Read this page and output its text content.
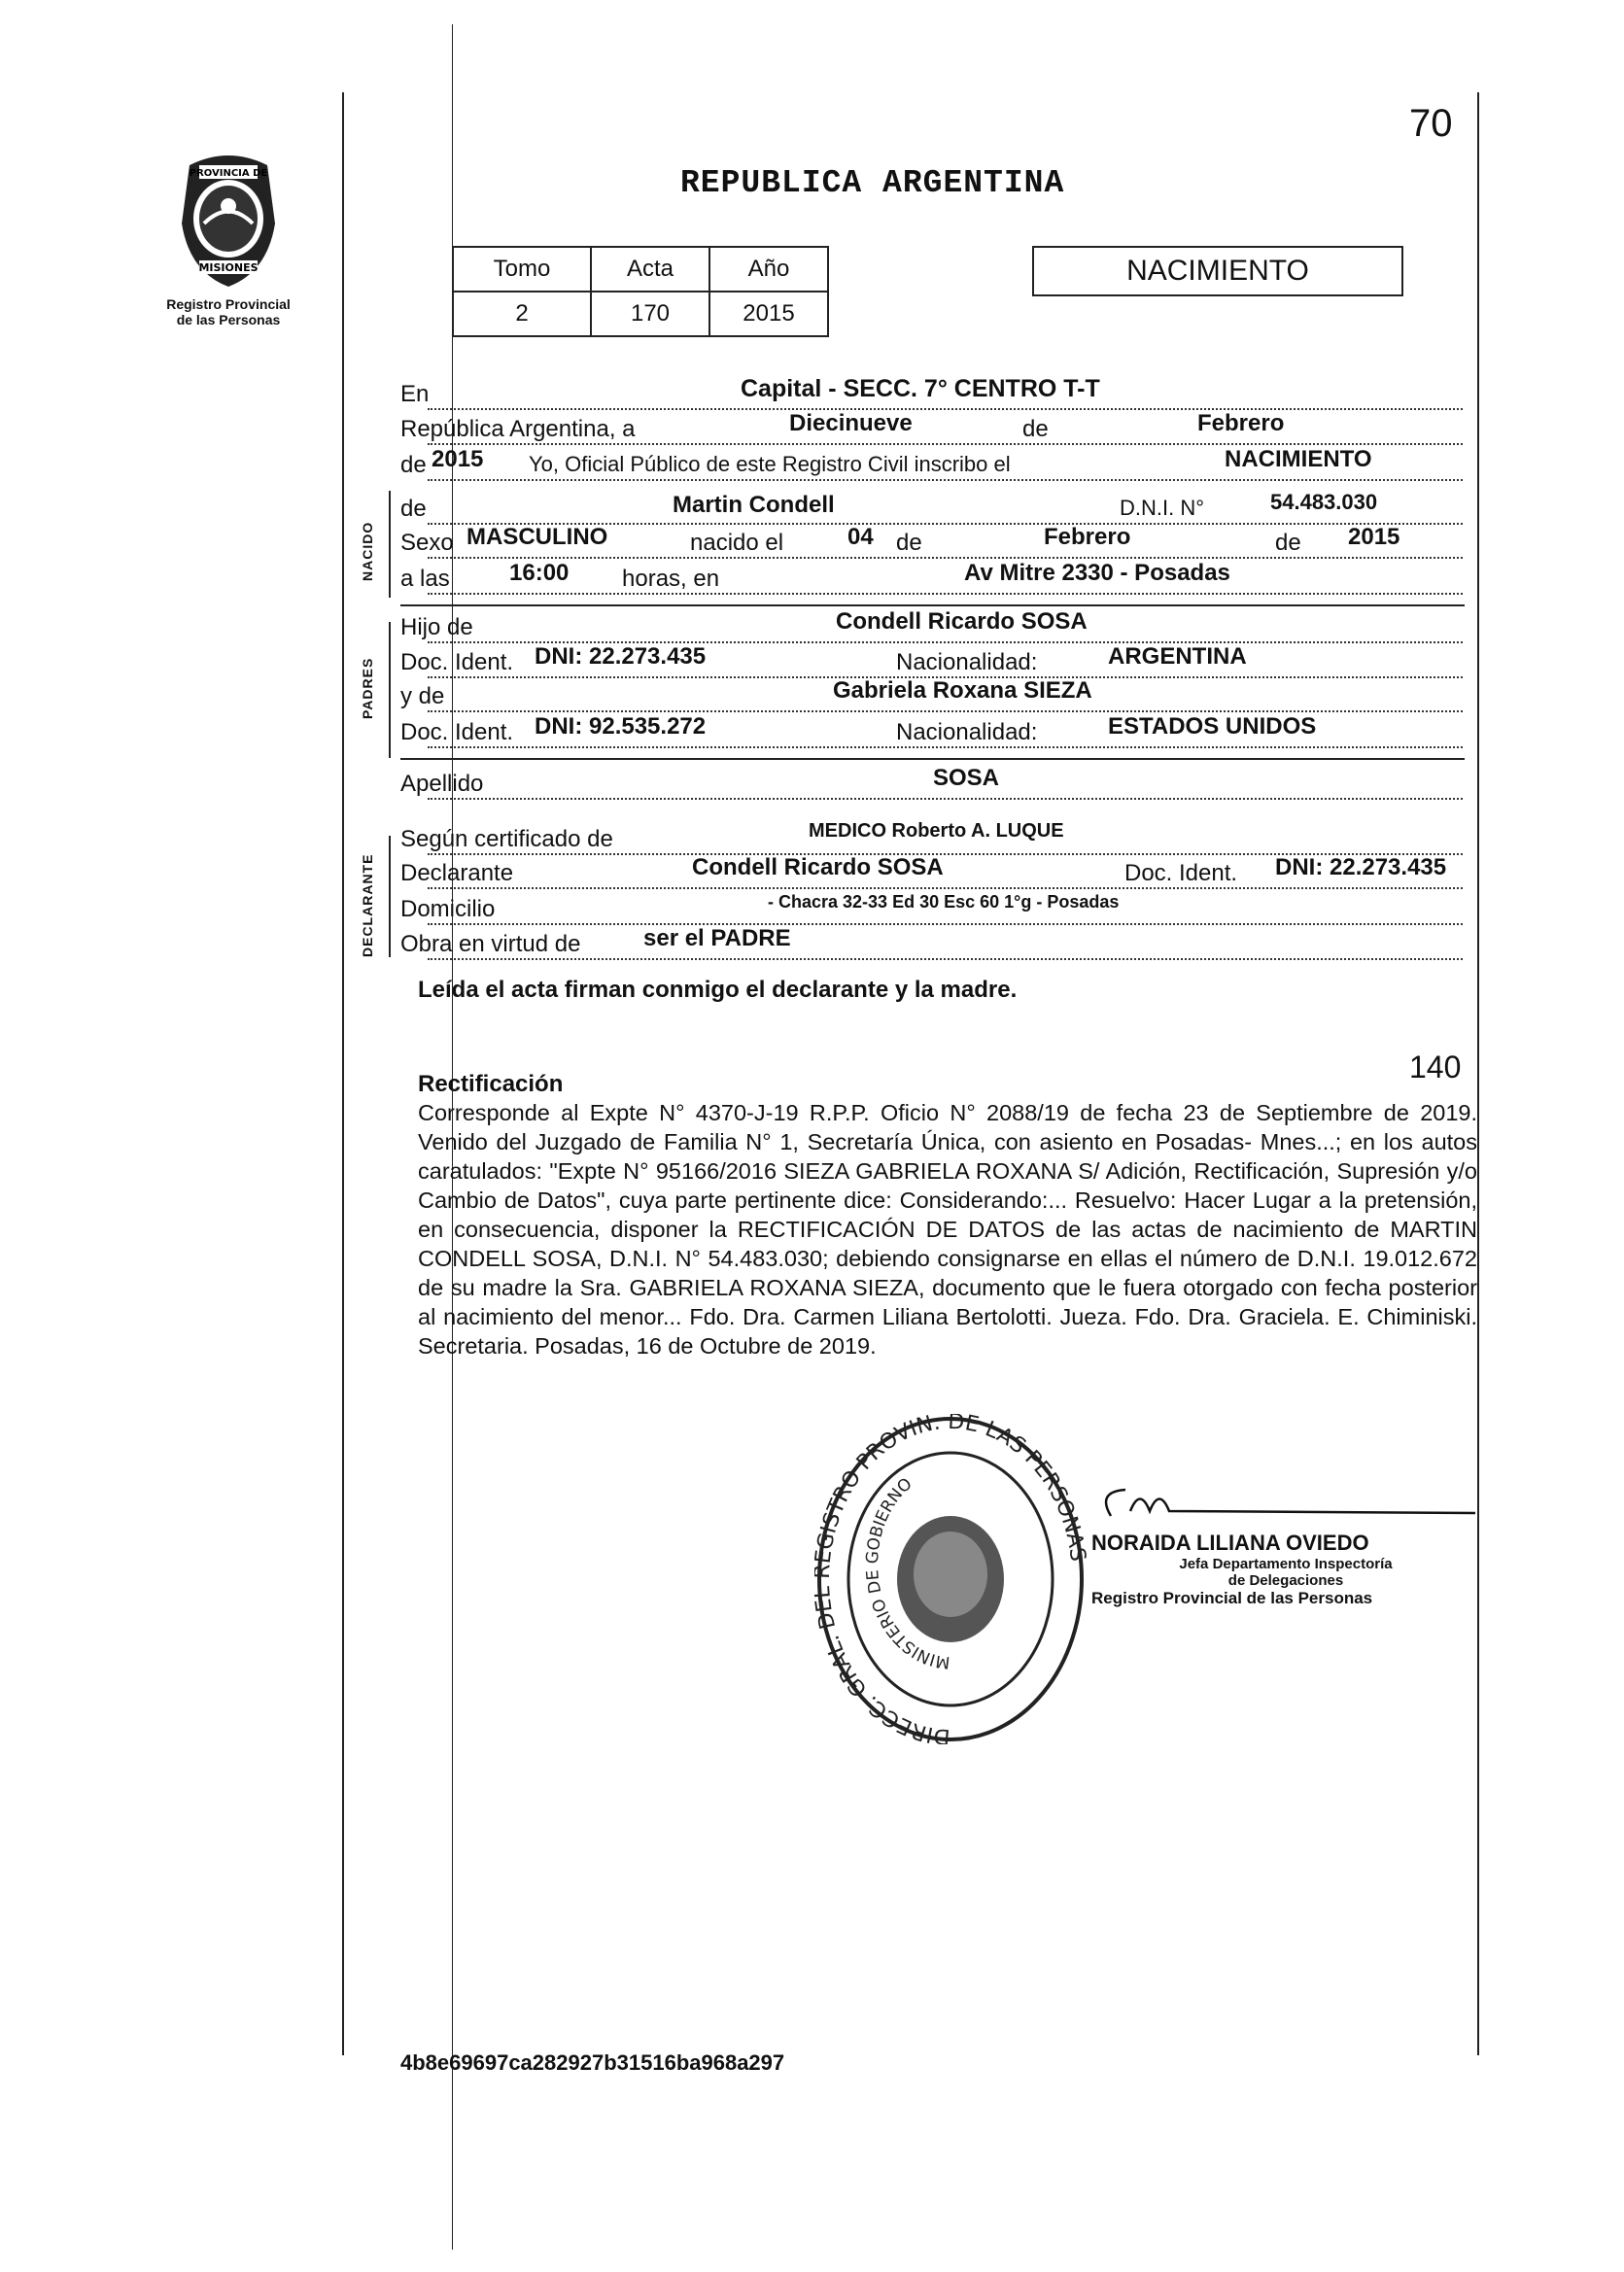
PROVINCIA DE
MISIONES
Registro Provincial
de las Personas
70
REPUBLICA ARGENTINA
Tomo	Acta	Año
2	170	2015
NACIMIENTO
NACIDO
PADRES
DECLARANTE
En	Capital - SECC. 7° CENTRO T-T
República Argentina, a	Diecinueve	de	Febrero
de 2015 Yo, Oficial Público de este Registro Civil inscribo el	NACIMIENTO
de	Martin Condell	D.N.I. N°	54.483.030
Sexo MASCULINO	nacido el	04 de	Febrero	de 2015
a las	16:00 horas, en	Av Mitre 2330 - Posadas
Hijo de	Condell Ricardo SOSA
Doc. Ident. DNI: 22.273.435	Nacionalidad:	ARGENTINA
y de	Gabriela Roxana SIEZA
Doc. Ident. DNI: 92.535.272	Nacionalidad:	ESTADOS UNIDOS
Apellido	SOSA
Según certificado de	MEDICO Roberto A. LUQUE
Declarante	Condell Ricardo SOSA	Doc. Ident. DNI: 22.273.435
Domicilio	- Chacra 32-33 Ed 30 Esc 60 1°g - Posadas
Obra en virtud de	ser el PADRE
Leída el acta firman conmigo el declarante y la madre.
140
Rectificación
Corresponde al Expte N° 4370-J-19 R.P.P. Oficio N° 2088/19 de fecha 23 de Septiembre de 2019. Venido del Juzgado de Familia N° 1, Secretaría Única, con asiento en Posadas- Mnes...; en los autos caratulados: "Expte N° 95166/2016 SIEZA GABRIELA ROXANA S/ Adición, Rectificación, Supresión y/o Cambio de Datos", cuya parte pertinente dice: Considerando:... Resuelvo: Hacer Lugar a la pretensión, en consecuencia, disponer la RECTIFICACIÓN DE DATOS de las actas de nacimiento de MARTIN CONDELL SOSA, D.N.I. N° 54.483.030; debiendo consignarse en ellas el número de D.N.I. 19.012.672 de su madre la Sra. GABRIELA ROXANA SIEZA, documento que le fuera otorgado con fecha posterior al nacimiento del menor... Fdo. Dra. Carmen Liliana Bertolotti. Jueza. Fdo. Dra. Graciela. E. Chiminiski. Secretaria. Posadas, 16 de Octubre de 2019.
DIRECC. GRAL. D GISTRO PROVIN. DE LAS PERSONA
MINISTERIO DE GOBIERNO
NORAIDA LILIANA OVIEDO
Jefa Departamento Inspectoría
de Delegaciones
Registro Provincial de las Personas
4b8e69697ca282927b31516ba968a297
